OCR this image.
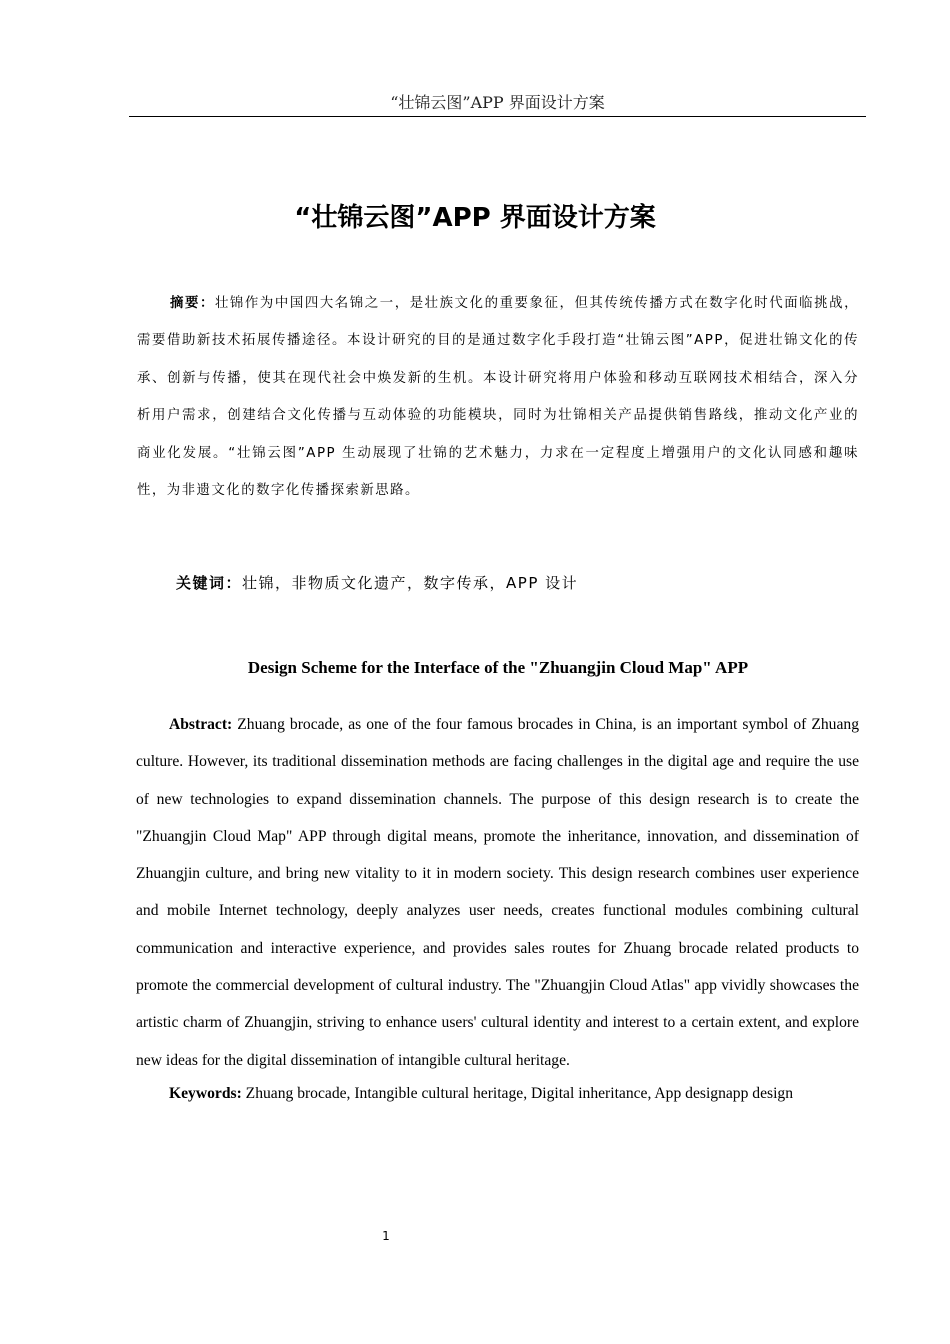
“壮锦云图”APP 界面设计方案
“壮锦云图”APP 界面设计方案

摘要：壮锦作为中国四大名锦之一，是壮族文化的重要象征，但其传统传播方式在数字化时代面临挑战，需要借助新技术拓展传播途径。本设计研究的目的是通过数字化手段打造“壮锦云图”APP，促进壮锦文化的传承、创新与传播，使其在现代社会中焕发新的生机。本设计研究将用户体验和移动互联网技术相结合，深入分析用户需求，创建结合文化传播与互动体验的功能模块，同时为壮锦相关产品提供销售路线，推动文化产业的商业化发展。“壮锦云图”APP 生动展现了壮锦的艺术魅力，力求在一定程度上增强用户的文化认同感和趣味性，为非遗文化的数字化传播探索新思路。

关键词：壮锦，非物质文化遗产，数字传承，APP 设计
Design Scheme for the Interface of the "Zhuangjin Cloud Map" APP

Abstract: Zhuang brocade, as one of the four famous brocades in China, is an important symbol of Zhuang culture. However, its traditional dissemination methods are facing challenges in the digital age and require the use of new technologies to expand dissemination channels. The purpose of this design research is to create the "Zhuangjin Cloud Map" APP through digital means, promote the inheritance, innovation, and dissemination of Zhuangjin culture, and bring new vitality to it in modern society. This design research combines user experience and mobile Internet technology, deeply analyzes user needs, creates functional modules combining cultural communication and interactive experience, and provides sales routes for Zhuang brocade related products to promote the commercial development of cultural industry. The "Zhuangjin Cloud Atlas" app vividly showcases the artistic charm of Zhuangjin, striving to enhance users' cultural identity and interest to a certain extent, and explore new ideas for the digital dissemination of intangible cultural heritage.

Keywords: Zhuang brocade, Intangible cultural heritage, Digital inheritance, App designapp design
1
